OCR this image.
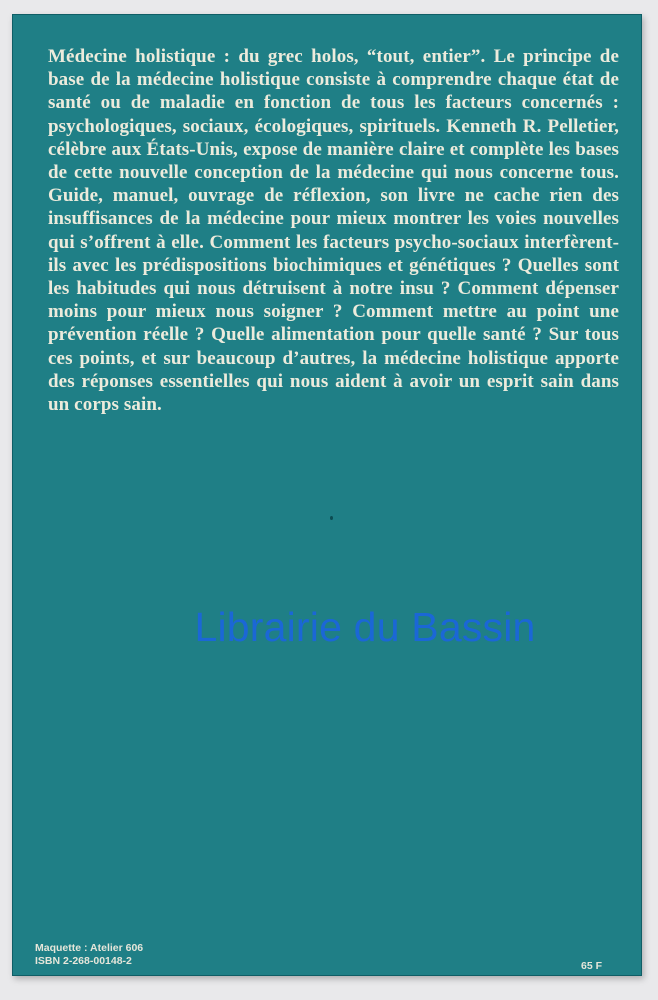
Médecine holistique : du grec holos, “tout, entier”. Le principe de base de la médecine holistique consiste à comprendre chaque état de santé ou de maladie en fonction de tous les facteurs concernés : psychologiques, sociaux, écologiques, spirituels. Kenneth R. Pelletier, célèbre aux États-Unis, expose de manière claire et complète les bases de cette nouvelle conception de la médecine qui nous concerne tous. Guide, manuel, ouvrage de réflexion, son livre ne cache rien des insuffisances de la médecine pour mieux montrer les voies nouvelles qui s’offrent à elle. Comment les facteurs psycho-sociaux interfèrent-ils avec les prédispositions biochimiques et génétiques ? Quelles sont les habitudes qui nous détruisent à notre insu ? Comment dépenser moins pour mieux nous soigner ? Comment mettre au point une prévention réelle ? Quelle alimentation pour quelle santé ? Sur tous ces points, et sur beaucoup d’autres, la médecine holistique apporte des réponses essentielles qui nous aident à avoir un esprit sain dans un corps sain.

Maquette : Atelier 606
ISBN 2-268-00148-2	65 F
Librairie du Bassin
